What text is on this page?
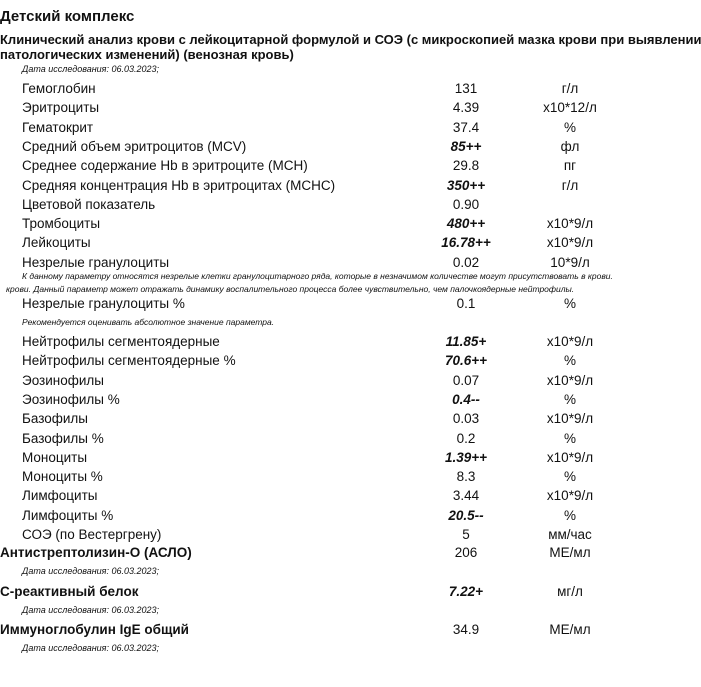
Детский комплекс
Клинический анализ крови с лейкоцитарной формулой и СОЭ (с микроскопией мазка крови при выявлении
патологических изменений) (венозная кровь)
Дата исследования: 06.03.2023;
Гемоглобин	131	г/л
Эритроциты	4.39	x10*12/л
Гематокрит	37.4	%
Средний объем эритроцитов (MCV)	85++	фл
Среднее содержание Hb в эритроците (MCH)	29.8	пг
Средняя концентрация Hb в эритроцитах (MCHC)	350++	г/л
Цветовой показатель	0.90
Тромбоциты	480++	x10*9/л
Лейкоциты	16.78++	x10*9/л
Незрелые гранулоциты	0.02	10*9/л
К данному параметру относятся незрелые клетки гранулоцитарного ряда, которые в незначимом количестве могут присутствовать в крови.
крови. Данный параметр может отражать динамику воспалительного процесса более чувствительно, чем палочкоядерные нейтрофилы.
Незрелые гранулоциты %	0.1	%
Рекомендуется оценивать абсолютное значение параметра.
Нейтрофилы сегментоядерные	11.85+	x10*9/л
Нейтрофилы сегментоядерные %	70.6++	%
Эозинофилы	0.07	x10*9/л
Эозинофилы %	0.4--	%
Базофилы	0.03	x10*9/л
Базофилы %	0.2	%
Моноциты	1.39++	x10*9/л
Моноциты %	8.3	%
Лимфоциты	3.44	x10*9/л
Лимфоциты %	20.5--	%
СОЭ (по Вестергрену)	5	мм/час
Антистрептолизин-О (АСЛО)	206	МЕ/мл
Дата исследования: 06.03.2023;
С-реактивный белок	7.22+	мг/л
Дата исследования: 06.03.2023;
Иммуноглобулин IgE общий	34.9	МЕ/мл
Дата исследования: 06.03.2023;
